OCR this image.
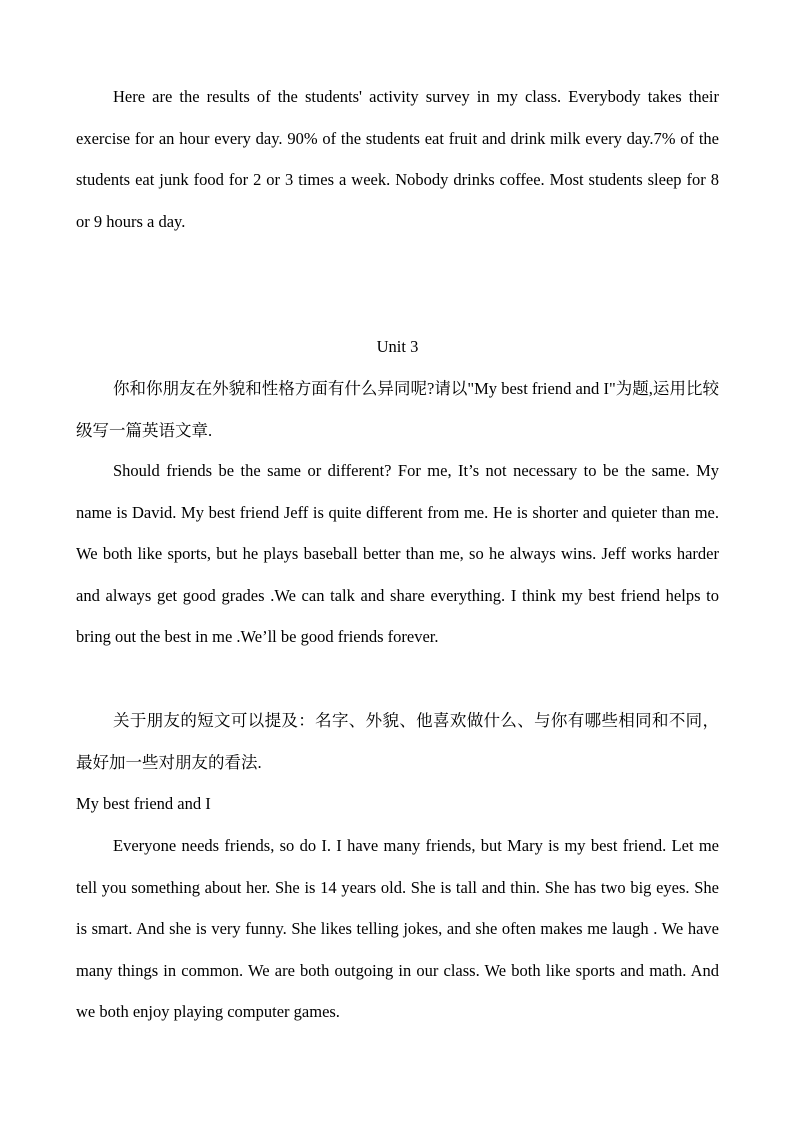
Here are the results of the students' activity survey in my class. Everybody takes their exercise for an hour every day. 90% of the students eat fruit and drink milk every day.7% of the students eat junk food for 2 or 3 times a week. Nobody drinks coffee. Most students sleep for 8 or 9 hours a day.

Unit 3

你和你朋友在外貌和性格方面有什么异同呢?请以"My best friend and I"为题,运用比较级写一篇英语文章.

Should friends be the same or different? For me, It’s not necessary to be the same. My name is David. My best friend Jeff is quite different from me. He is shorter and quieter than me. We both like sports, but he plays baseball better than me, so he always wins. Jeff works harder and always get good grades .We can talk and share everything. I think my best friend helps to bring out the best in me .We’ll be good friends forever.

关于朋友的短文可以提及：名字、外貌、他喜欢做什么、与你有哪些相同和不同，最好加一些对朋友的看法.

My best friend and I

Everyone needs friends, so do I. I have many friends, but Mary is my best friend. Let me tell you something about her. She is 14 years old. She is tall and thin. She has two big eyes. She is smart. And she is very funny. She likes telling jokes, and she often makes me laugh . We have many things in common. We are both outgoing in our class. We both like sports and math. And we both enjoy playing computer games.
